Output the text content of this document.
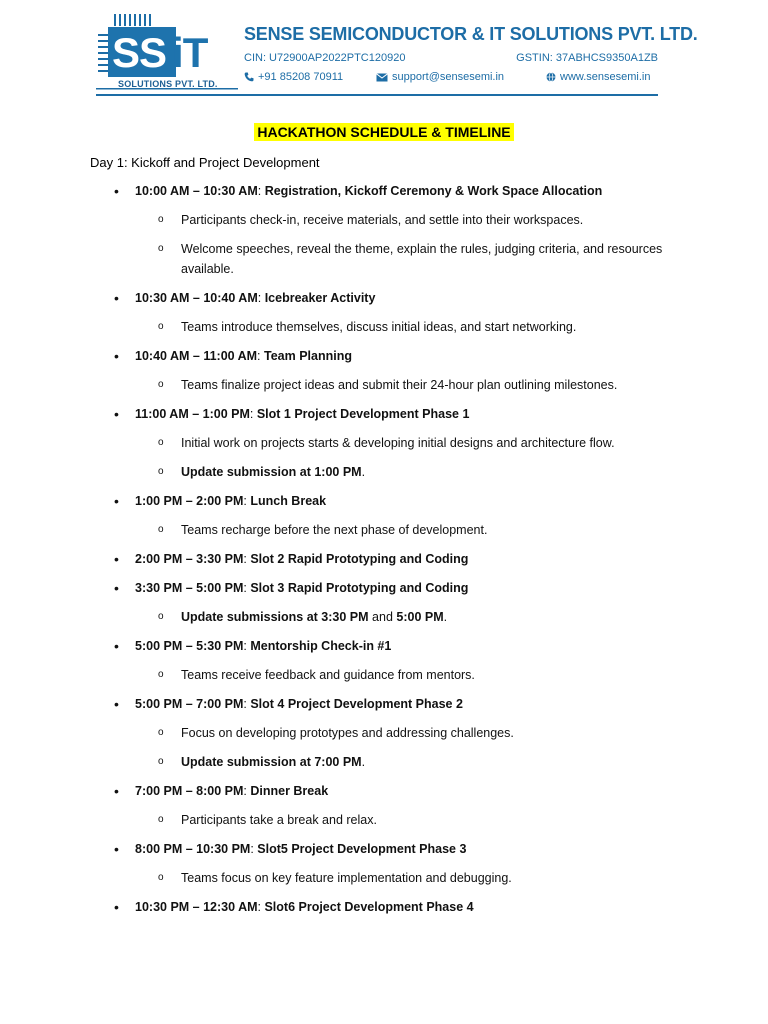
SS iT
SOLUTIONS PVT. LTD.
SENSE SEMICONDUCTOR & IT SOLUTIONS PVT. LTD.
CIN: U72900AP2022PTC120920	GSTIN: 37ABHCS9350A1ZB
+91 85208 70911	support@sensesemi.in	www.sensesemi.in
HACKATHON SCHEDULE & TIMELINE
Day 1: Kickoff and Project Development
• 10:00 AM – 10:30 AM: Registration, Kickoff Ceremony & Work Space Allocation
o Participants check-in, receive materials, and settle into their workspaces.
o Welcome speeches, reveal the theme, explain the rules, judging criteria, and resources available.
• 10:30 AM – 10:40 AM: Icebreaker Activity
o Teams introduce themselves, discuss initial ideas, and start networking.
• 10:40 AM – 11:00 AM: Team Planning
o Teams finalize project ideas and submit their 24-hour plan outlining milestones.
• 11:00 AM – 1:00 PM: Slot 1 Project Development Phase 1
o Initial work on projects starts & developing initial designs and architecture flow.
o Update submission at 1:00 PM.
• 1:00 PM – 2:00 PM: Lunch Break
o Teams recharge before the next phase of development.
• 2:00 PM – 3:30 PM: Slot 2 Rapid Prototyping and Coding
• 3:30 PM – 5:00 PM: Slot 3 Rapid Prototyping and Coding
o Update submissions at 3:30 PM and 5:00 PM.
• 5:00 PM – 5:30 PM: Mentorship Check-in #1
o Teams receive feedback and guidance from mentors.
• 5:00 PM – 7:00 PM: Slot 4 Project Development Phase 2
o Focus on developing prototypes and addressing challenges.
o Update submission at 7:00 PM.
• 7:00 PM – 8:00 PM: Dinner Break
o Participants take a break and relax.
• 8:00 PM – 10:30 PM: Slot5 Project Development Phase 3
o Teams focus on key feature implementation and debugging.
• 10:30 PM – 12:30 AM: Slot6 Project Development Phase 4
